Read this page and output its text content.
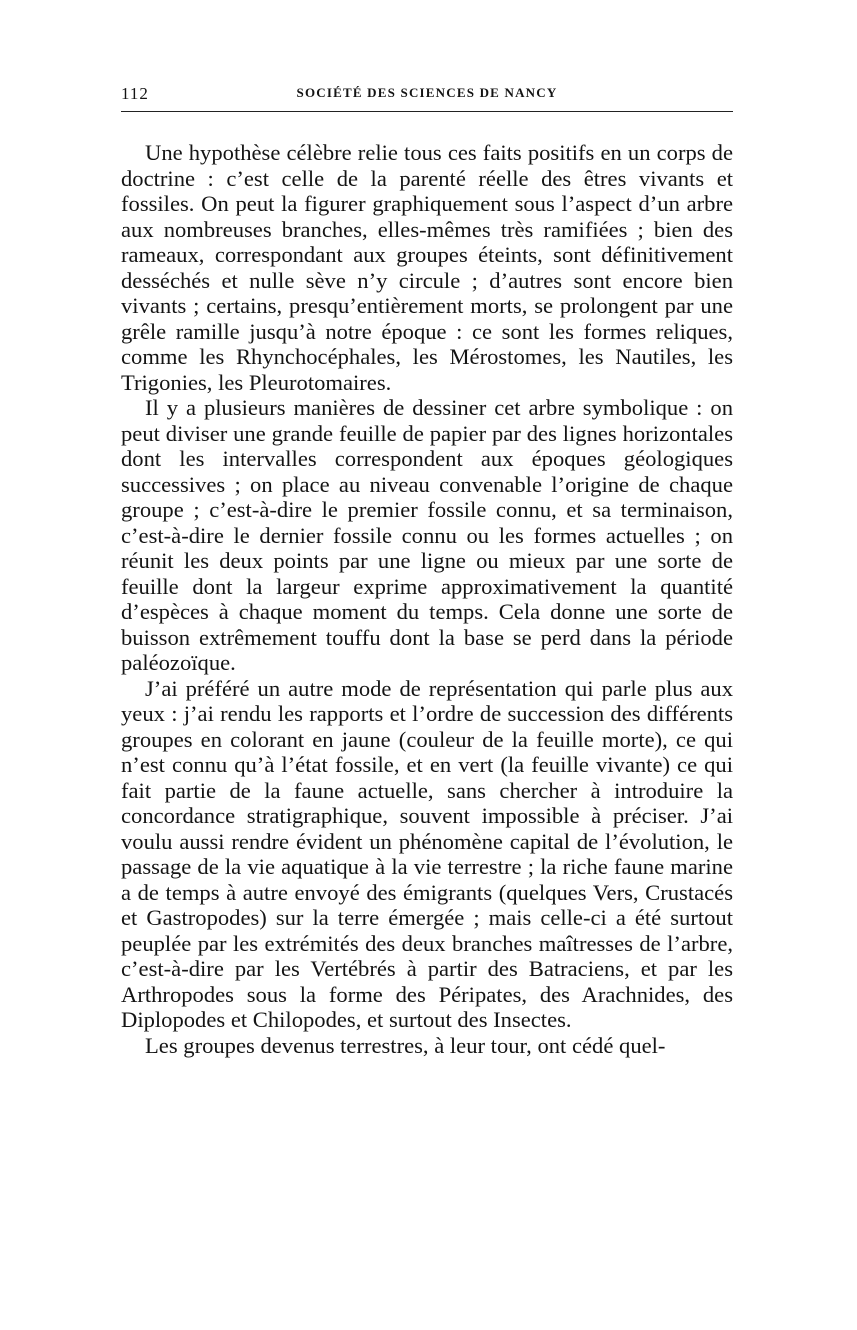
112	SOCIÉTÉ DES SCIENCES DE NANCY

Une hypothèse célèbre relie tous ces faits positifs en un corps de doctrine : c’est celle de la parenté réelle des êtres vivants et fossiles. On peut la figurer graphiquement sous l’aspect d’un arbre aux nombreuses branches, elles-mêmes très ramifiées ; bien des rameaux, correspondant aux groupes éteints, sont définitivement desséchés et nulle sève n’y circule ; d’autres sont encore bien vivants ; certains, presqu’entièrement morts, se prolongent par une grêle ramille jusqu’à notre époque : ce sont les formes reliques, comme les Rhynchocéphales, les Mérostomes, les Nautiles, les Trigonies, les Pleurotomaires.

Il y a plusieurs manières de dessiner cet arbre symbolique : on peut diviser une grande feuille de papier par des lignes horizontales dont les intervalles correspondent aux époques géologiques successives ; on place au niveau convenable l’origine de chaque groupe ; c’est-à-dire le premier fossile connu, et sa terminaison, c’est-à-dire le dernier fossile connu ou les formes actuelles ; on réunit les deux points par une ligne ou mieux par une sorte de feuille dont la largeur exprime approximativement la quantité d’espèces à chaque moment du temps. Cela donne une sorte de buisson extrêmement touffu dont la base se perd dans la période paléozoïque.

J’ai préféré un autre mode de représentation qui parle plus aux yeux : j’ai rendu les rapports et l’ordre de succession des différents groupes en colorant en jaune (couleur de la feuille morte), ce qui n’est connu qu’à l’état fossile, et en vert (la feuille vivante) ce qui fait partie de la faune actuelle, sans chercher à introduire la concordance stratigraphique, souvent impossible à préciser. J’ai voulu aussi rendre évident un phénomène capital de l’évolution, le passage de la vie aquatique à la vie terrestre ; la riche faune marine a de temps à autre envoyé des émigrants (quelques Vers, Crustacés et Gastropodes) sur la terre émergée ; mais celle-ci a été surtout peuplée par les extrémités des deux branches maîtresses de l’arbre, c’est-à-dire par les Vertébrés à partir des Batraciens, et par les Arthropodes sous la forme des Péripates, des Arachnides, des Diplopodes et Chilopodes, et surtout des Insectes.

Les groupes devenus terrestres, à leur tour, ont cédé quel-
